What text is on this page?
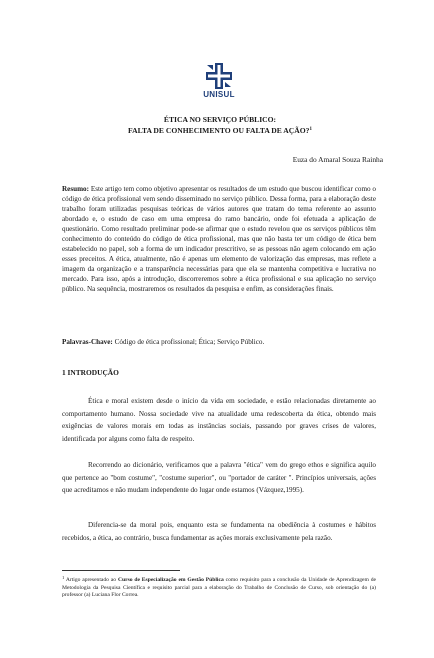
UNISUL
ÉTICA NO SERVIÇO PÚBLICO:
FALTA DE CONHECIMENTO OU FALTA DE AÇÃO?$^1$
Euza do Amaral Souza Rainha
Resumo: Este artigo tem como objetivo apresentar os resultados de um estudo que buscou identificar como o código de ética profissional vem sendo disseminado no serviço público. Dessa forma, para a elaboração deste trabalho foram utilizadas pesquisas teóricas de vários autores que tratam do tema referente ao assunto abordado e, o estudo de caso em uma empresa do ramo bancário, onde foi efetuada a aplicação de questionário. Como resultado preliminar pode-se afirmar que o estudo revelou que os serviços públicos têm conhecimento do conteúdo do código de ética profissional, mas que não basta ter um código de ética bem estabelecido no papel, sob a forma de um indicador prescritivo, se as pessoas não agem colocando em ação esses preceitos. A ética, atualmente, não é apenas um elemento de valorização das empresas, mas reflete a imagem da organização e a transparência necessárias para que ela se mantenha competitiva e lucrativa no mercado. Para isso, após a introdução, discorreremos sobre a ética profissional e sua aplicação no serviço público. Na sequência, mostraremos os resultados da pesquisa e enfim, as considerações finais.
Palavras-Chave: Código de ética profissional; Ética; Serviço Público.
1 INTRODUÇÃO
Ética e moral existem desde o início da vida em sociedade, e estão relacionadas diretamente ao comportamento humano. Nossa sociedade vive na atualidade uma redescoberta da ética, obtendo mais exigências de valores morais em todas as instâncias sociais, passando por graves crises de valores, identificada por alguns como falta de respeito.
Recorrendo ao dicionário, verificamos que a palavra "ética" vem do grego ethos e significa aquilo que pertence ao "bom costume", "costume superior", ou "portador de caráter ". Princípios universais, ações que acreditamos e não mudam independente do lugar onde estamos (Vázquez,1995).
Diferencia-se da moral pois, enquanto esta se fundamenta na obediência à costumes e hábitos recebidos, a ética, ao contrário, busca fundamentar as ações morais exclusivamente pela razão.
$^1$ Artigo apresentado ao Curso de Especialização em Gestão Pública como requisito para a conclusão da Unidade de Aprendizagem de Metodologia da Pesquisa Científica e requisito parcial para a elaboração do Trabalho de Conclusão de Curso, sob orientação do (a) professor (a) Luciana Flor Correa.
